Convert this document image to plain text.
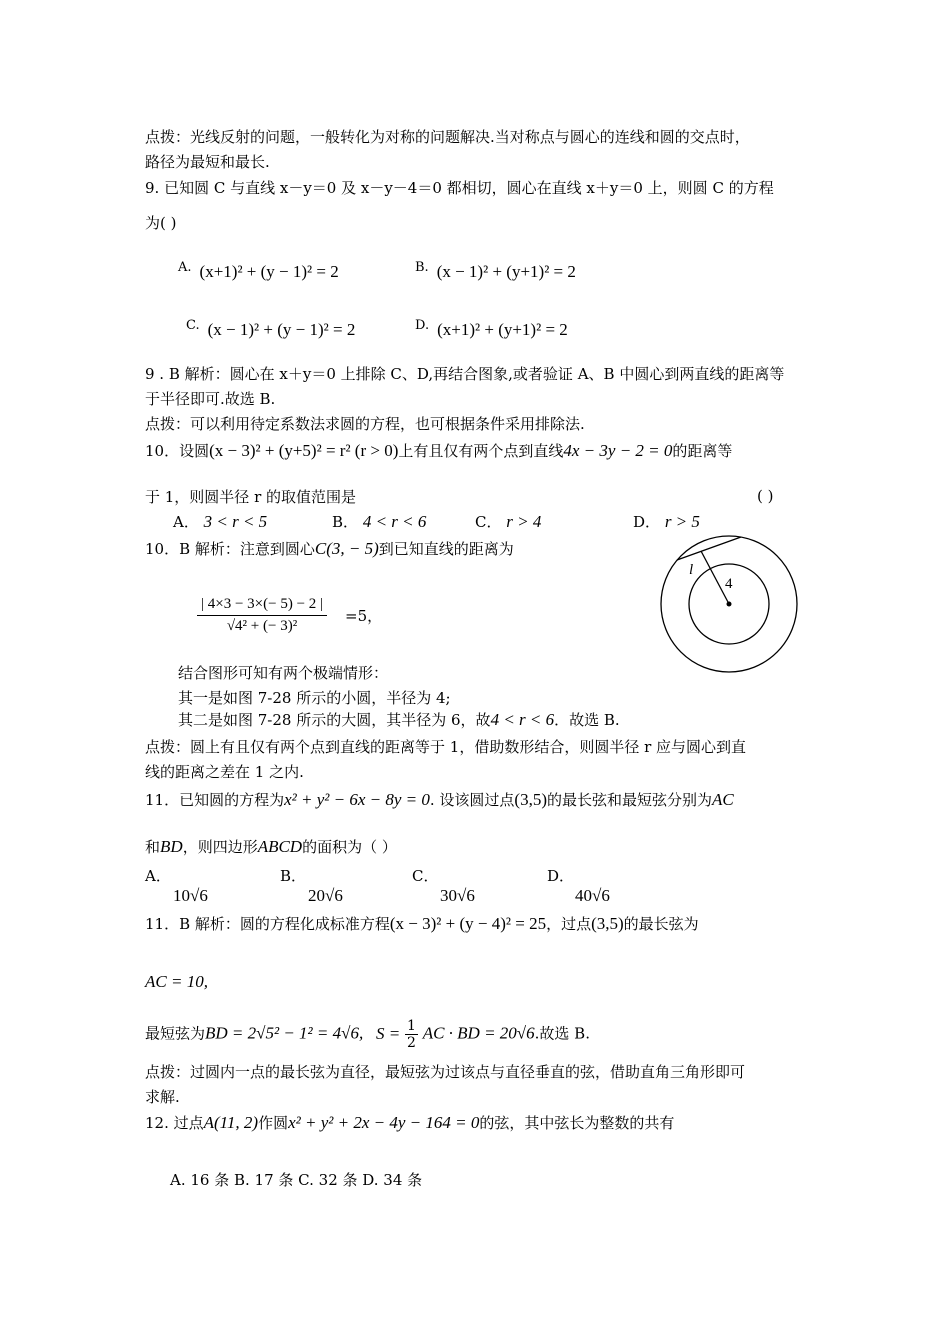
点拨：光线反射的问题，一般转化为对称的问题解决.当对称点与圆心的连线和圆的交点时，
路径为最短和最长.
9. 已知圆 C 与直线 x－y＝0 及 x－y－4＝0 都相切，圆心在直线 x＋y＝0 上，则圆 C 的方程
为( )
A. (x+1)² + (y − 1)² = 2	B. (x − 1)² + (y+1)² = 2
C. (x − 1)² + (y − 1)² = 2	D. (x+1)² + (y+1)² = 2
9 . B 解析：圆心在 x＋y＝0 上排除 C、D,再结合图象,或者验证 A、B 中圆心到两直线的距离等
于半径即可.故选 B.
点拨：可以利用待定系数法求圆的方程，也可根据条件采用排除法.
10．设圆(x − 3)² + (y+5)² = r² (r > 0)上有且仅有两个点到直线4x − 3y − 2 = 0的距离等
于 1，则圆半径 r 的取值范围是	( )
A． 3 < r < 5	B． 4 < r < 6	C． r > 4	D． r > 5
10．B 解析：注意到圆心C(3, − 5)到已知直线的距离为
$\frac{| 4\times 3 - 3\times(- 5) - 2 |}{\text{√4² + (− 3)²}} =5$，
结合图形可知有两个极端情形：
其一是如图 7-28 所示的小圆，半径为 4;
其二是如图 7-28 所示的大圆，其半径为 6，故4 < r < 6．故选 B.
点拨：圆上有且仅有两个点到直线的距离等于 1，借助数形结合，则圆半径 r 应与圆心到直
线的距离之差在 1 之内.
4
l
11．已知圆的方程为x² + y² − 6x − 8y = 0. 设该圆过点(3,5)的最长弦和最短弦分别为AC
和BD，则四边形ABCD的面积为（ ）
A．
10√6
B．
20√6
C．
30√6
D．
40√6
11．B 解析：圆的方程化成标准方程(x − 3)² + (y − 4)² = 25，过点(3,5)的最长弦为
AC = 10,
最短弦为BD = 2√5² − 1² = 4√6, $S = \frac{1}{2}$ AC · BD = 20√6.故选 B.
点拨：过圆内一点的最长弦为直径，最短弦为过该点与直径垂直的弦，借助直角三角形即可
求解.
12. 过点A(11, 2)作圆x² + y² + 2x − 4y − 164 = 0的弦，其中弦长为整数的共有
A. 16 条 B. 17 条 C. 32 条 D. 34 条
